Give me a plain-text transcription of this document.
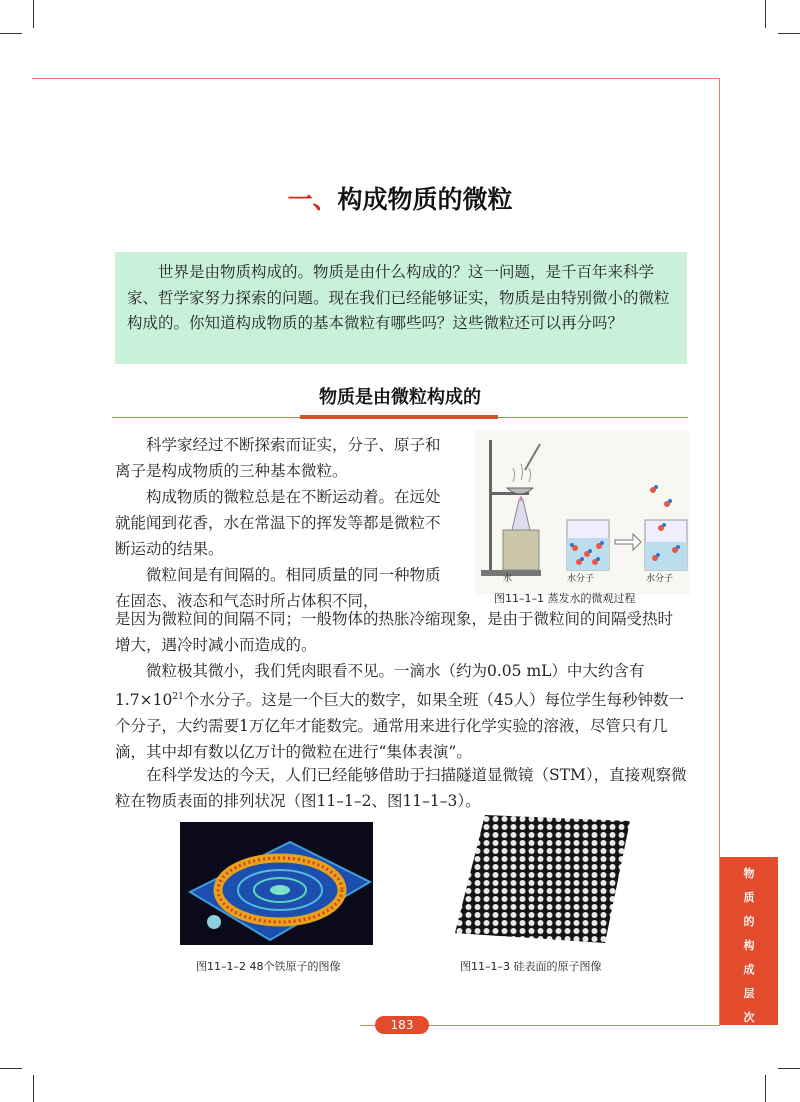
一、构成物质的微粒
世界是由物质构成的。物质是由什么构成的？这一问题，是千百年来科学家、哲学家努力探索的问题。现在我们已经能够证实，物质是由特别微小的微粒构成的。你知道构成物质的基本微粒有哪些吗？这些微粒还可以再分吗？
物质是由微粒构成的
科学家经过不断探索而证实，分子、原子和离子是构成物质的三种基本微粒。
构成物质的微粒总是在不断运动着。在远处就能闻到花香，水在常温下的挥发等都是微粒不断运动的结果。
微粒间是有间隔的。相同质量的同一种物质在固态、液态和气态时所占体积不同，
是因为微粒间的间隔不同；一般物体的热胀冷缩现象，是由于微粒间的间隔受热时增大，遇冷时减小而造成的。
微粒极其微小，我们凭肉眼看不见。一滴水（约为0.05 mL）中大约含有$1.7\times 10^{21}$个水分子。这是一个巨大的数字，如果全班（45人）每位学生每秒钟数一个分子，大约需要1万亿年才能数完。通常用来进行化学实验的溶液，尽管只有几滴，其中却有数以亿万计的微粒在进行“集体表演”。
在科学发达的今天，人们已经能够借助于扫描隧道显微镜（STM），直接观察微粒在物质表面的排列状况（图11–1–2、图11–1–3）。
水	水分子	水分子
图11–1–1 蒸发水的微观过程
图11–1–2 48个铁原子的图像	图11–1–3 硅表面的原子图像
物
质
的
构
成
层
次
183
